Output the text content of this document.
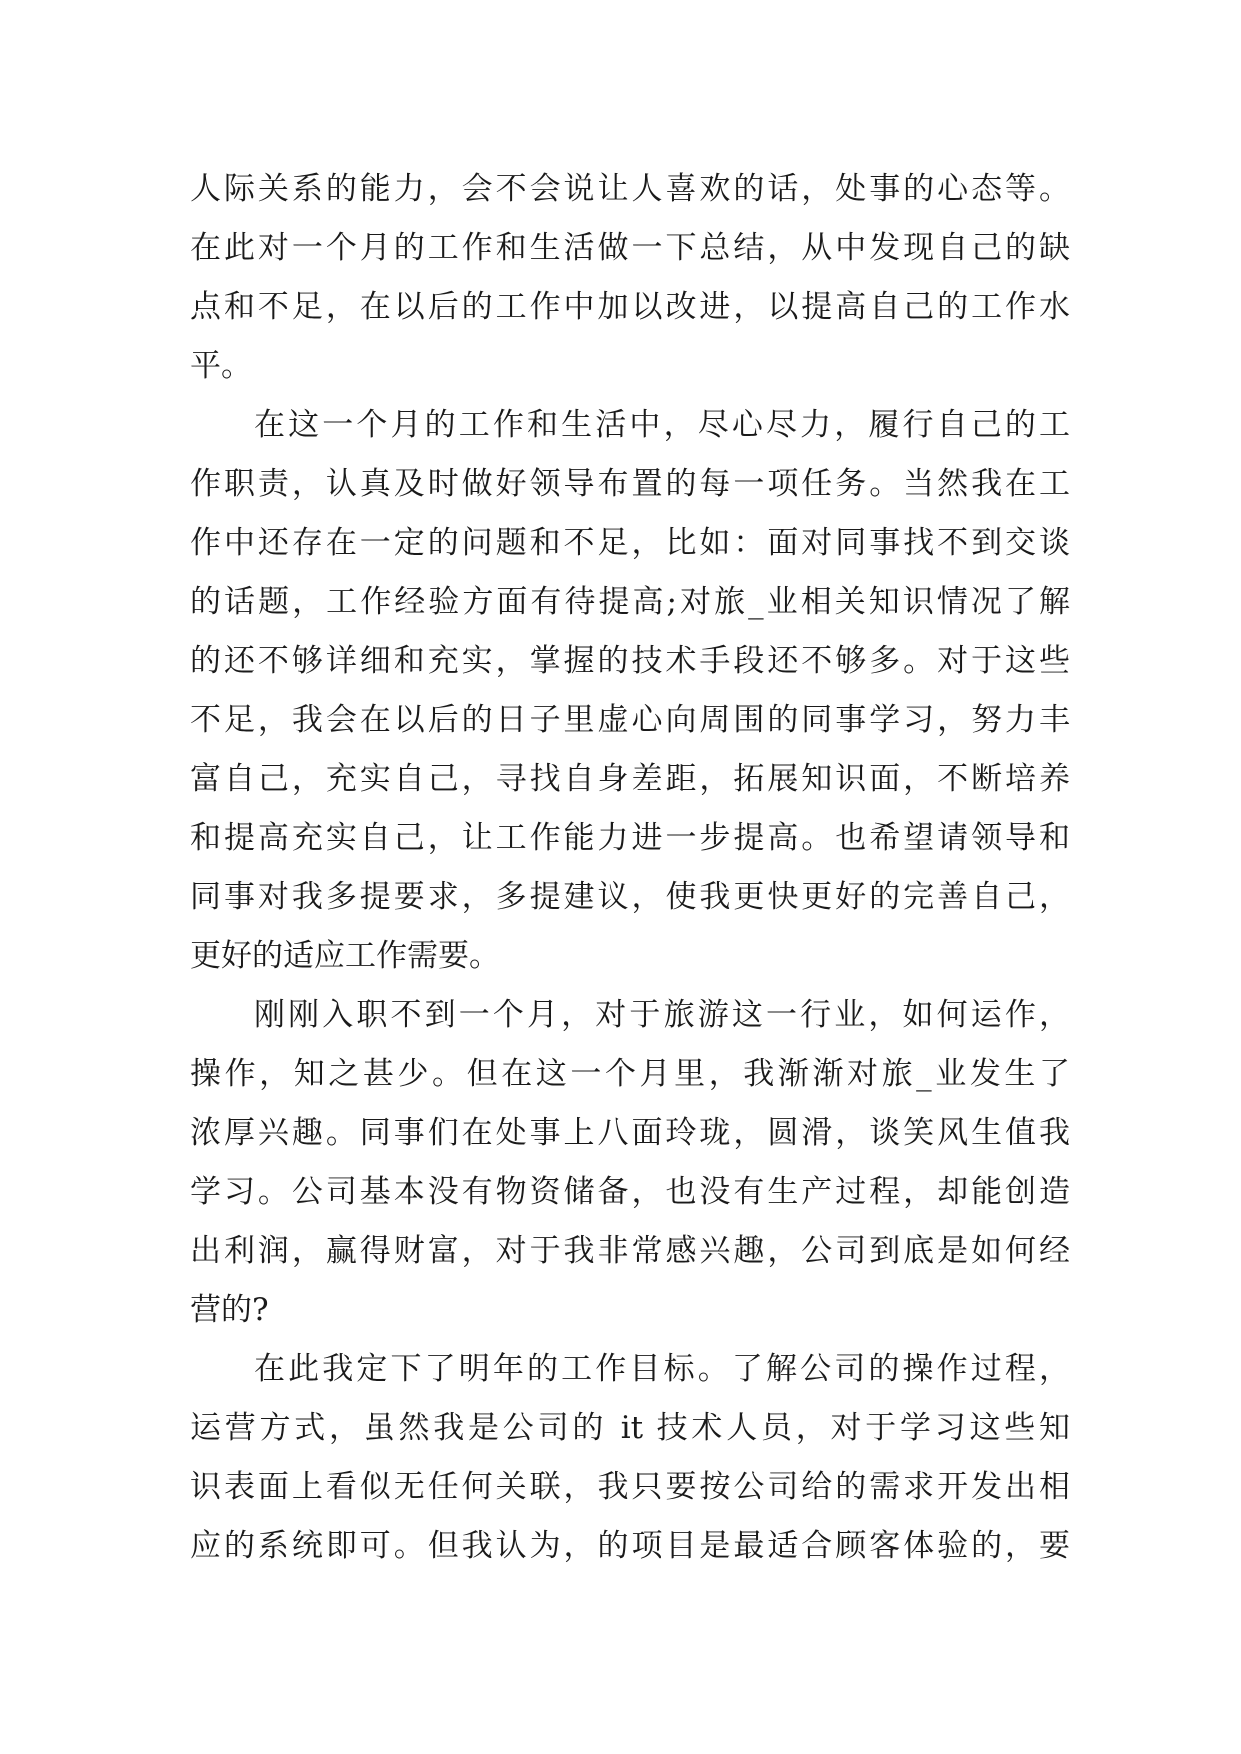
人际关系的能力，会不会说让人喜欢的话，处事的心态等。
在此对一个月的工作和生活做一下总结，从中发现自己的缺
点和不足，在以后的工作中加以改进，以提高自己的工作水
平。
在这一个月的工作和生活中，尽心尽力，履行自己的工
作职责，认真及时做好领导布置的每一项任务。当然我在工
作中还存在一定的问题和不足，比如：面对同事找不到交谈
的话题，工作经验方面有待提高;对旅_业相关知识情况了解
的还不够详细和充实，掌握的技术手段还不够多。对于这些
不足，我会在以后的日子里虚心向周围的同事学习，努力丰
富自己，充实自己，寻找自身差距，拓展知识面，不断培养
和提高充实自己，让工作能力进一步提高。也希望请领导和
同事对我多提要求，多提建议，使我更快更好的完善自己，
更好的适应工作需要。
刚刚入职不到一个月，对于旅游这一行业，如何运作，
操作，知之甚少。但在这一个月里，我渐渐对旅_业发生了
浓厚兴趣。同事们在处事上八面玲珑，圆滑，谈笑风生值我
学习。公司基本没有物资储备，也没有生产过程，却能创造
出利润，赢得财富，对于我非常感兴趣，公司到底是如何经
营的?
在此我定下了明年的工作目标。了解公司的操作过程，
运营方式，虽然我是公司的 it 技术人员，对于学习这些知
识表面上看似无任何关联，我只要按公司给的需求开发出相
应的系统即可。但我认为，的项目是最适合顾客体验的，要
